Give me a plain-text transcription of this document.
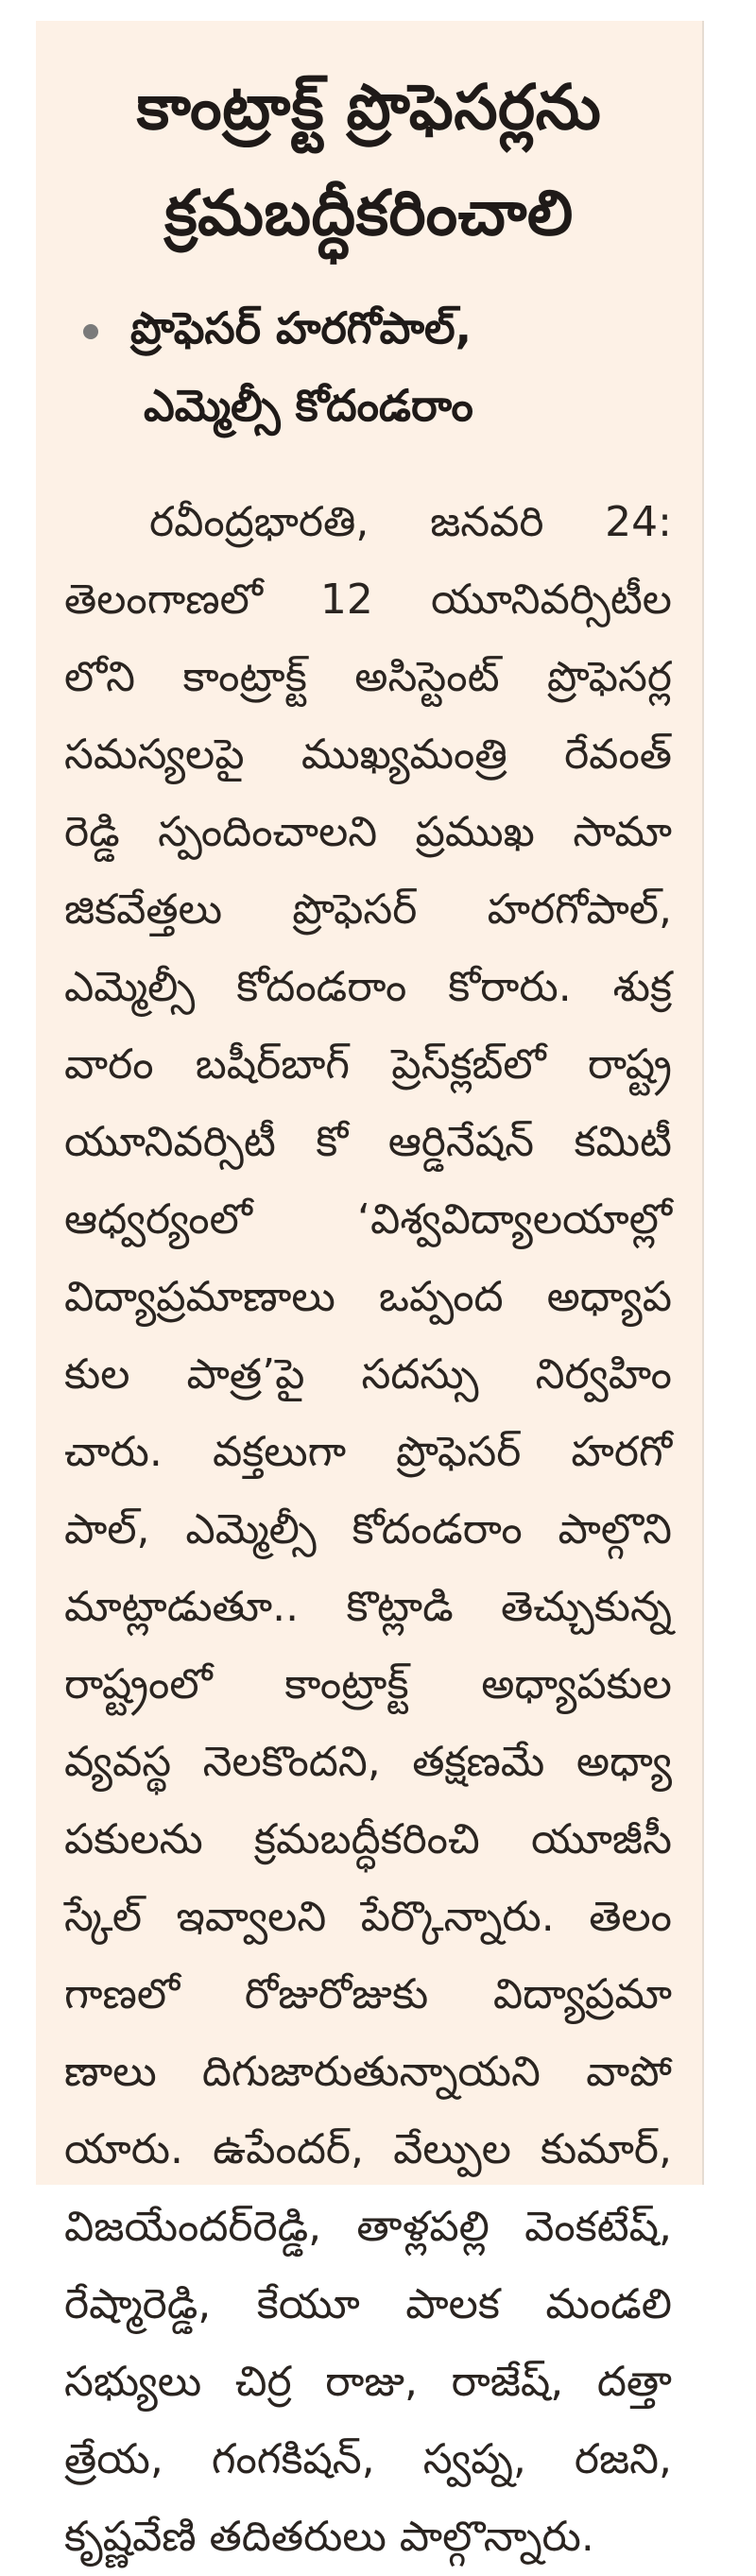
కాంట్రాక్ట్ ప్రొఫెసర్లను
క్రమబద్ధీకరించాలి
ప్రొఫెసర్ హరగోపాల్,
ఎమ్మెల్సీ కోదండరాం
రవీంద్రభారతి, జనవరి 24:
తెలంగాణలో 12 యూనివర్సిటీల
లోని కాంట్రాక్ట్ అసిస్టెంట్ ప్రొఫెసర్ల
సమస్యలపై ముఖ్యమంత్రి రేవంత్
రెడ్డి స్పందించాలని ప్రముఖ సామా
జికవేత్తలు ప్రొఫెసర్ హరగోపాల్,
ఎమ్మెల్సీ కోదండరాం కోరారు. శుక్ర
వారం బషీర్‌బాగ్ ప్రెస్‌క్లబ్‌లో రాష్ట్ర
యూనివర్సిటీ కో ఆర్డినేషన్ కమిటీ
ఆధ్వర్యంలో ‘విశ్వవిద్యాలయాల్లో
విద్యాప్రమాణాలు ఒప్పంద అధ్యాప
కుల పాత్ర’పై సదస్సు నిర్వహిం
చారు. వక్తలుగా ప్రొఫెసర్ హరగో
పాల్, ఎమ్మెల్సీ కోదండరాం పాల్గొని
మాట్లాడుతూ.. కొట్లాడి తెచ్చుకున్న
రాష్ట్రంలో కాంట్రాక్ట్ అధ్యాపకుల
వ్యవస్థ నెలకొందని, తక్షణమే అధ్యా
పకులను క్రమబద్ధీకరించి యూజీసీ
స్కేల్ ఇవ్వాలని పేర్కొన్నారు. తెలం
గాణలో రోజురోజుకు విద్యాప్రమా
ణాలు దిగుజారుతున్నాయని వాపో
యారు. ఉపేందర్, వేల్పుల కుమార్,
విజయేందర్‌రెడ్డి, తాళ్లపల్లి వెంకటేష్,
రేష్మారెడ్డి, కేయూ పాలక మండలి
సభ్యులు చిర్ర రాజు, రాజేష్, దత్తా
త్రేయ, గంగకిషన్, స్వప్న, రజని,
కృష్ణవేణి తదితరులు పాల్గొన్నారు.
